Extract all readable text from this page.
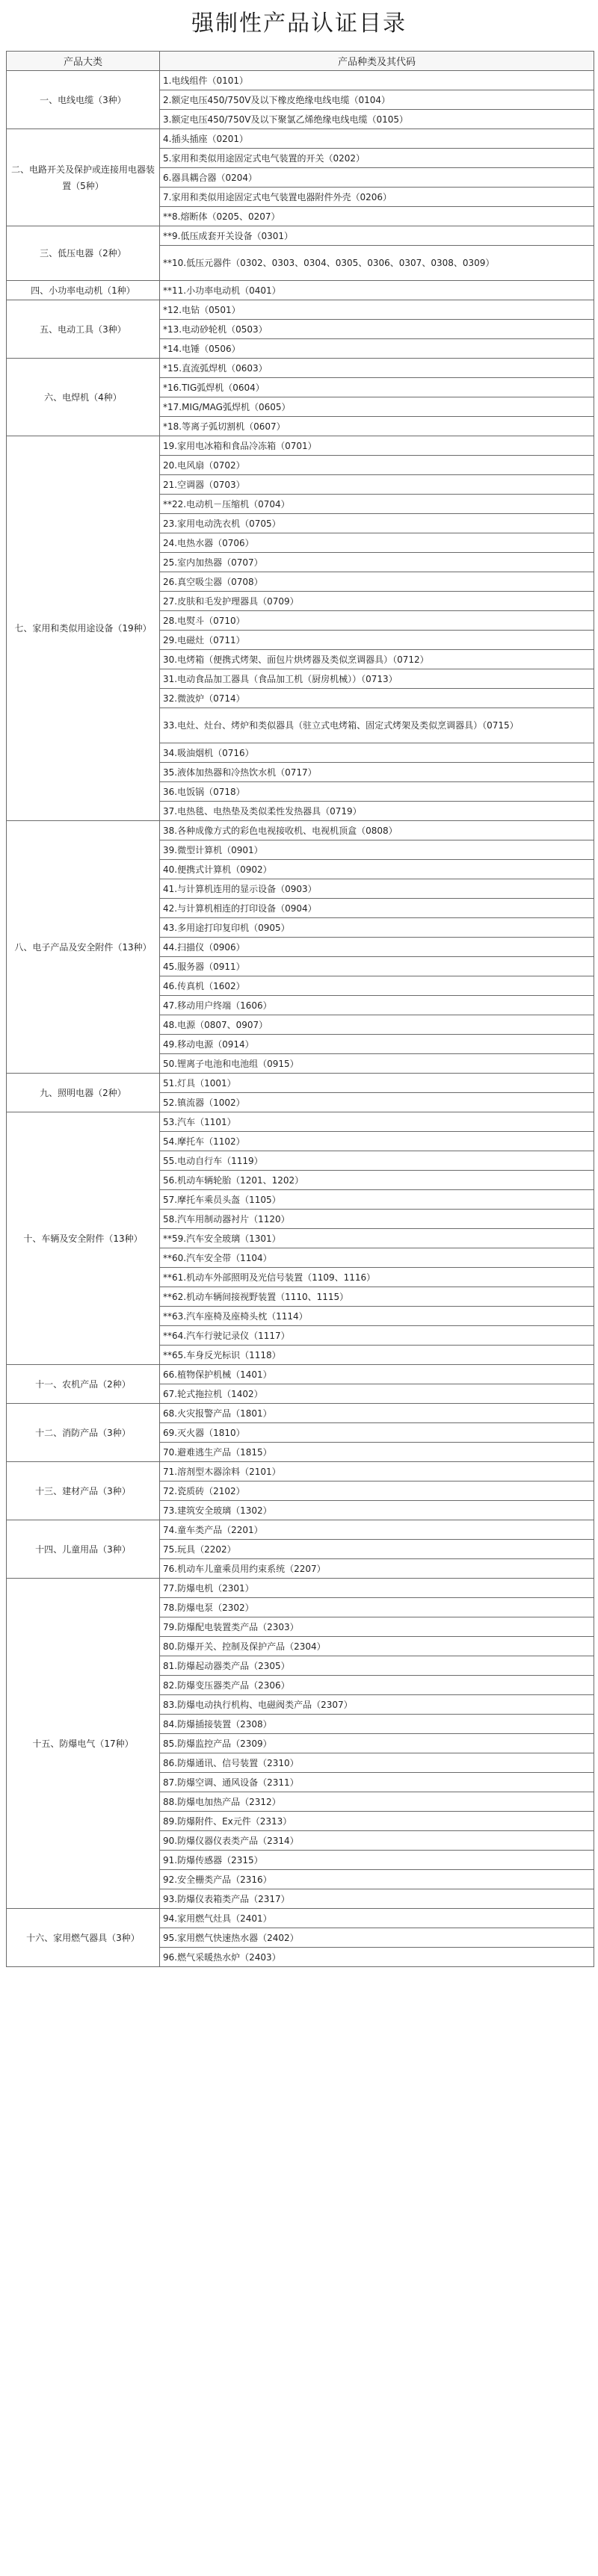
强制性产品认证目录
产品大类	产品种类及其代码
一、电线电缆（3种）	1.电线组件（0101）
	2.额定电压450/750V及以下橡皮绝缘电线电缆（0104）
	3.额定电压450/750V及以下聚氯乙烯绝缘电线电缆（0105）
二、电路开关及保护或连接用电器装置（5种）	4.插头插座（0201）
	5.家用和类似用途固定式电气装置的开关（0202）
	6.器具耦合器（0204）
	7.家用和类似用途固定式电气装置电器附件外壳（0206）
	**8.熔断体（0205、0207）
三、低压电器（2种）	**9.低压成套开关设备（0301）
	**10.低压元器件（0302、0303、0304、0305、0306、0307、0308、0309）
四、小功率电动机（1种）	**11.小功率电动机（0401）
五、电动工具（3种）	*12.电钻（0501）
	*13.电动砂轮机（0503）
	*14.电锤（0506）
六、电焊机（4种）	*15.直流弧焊机（0603）
	*16.TIG弧焊机（0604）
	*17.MIG/MAG弧焊机（0605）
	*18.等离子弧切割机（0607）
七、家用和类似用途设备（19种）	19.家用电冰箱和食品冷冻箱（0701）
	20.电风扇（0702）
	21.空调器（0703）
	**22.电动机－压缩机（0704）
	23.家用电动洗衣机（0705）
	24.电热水器（0706）
	25.室内加热器（0707）
	26.真空吸尘器（0708）
	27.皮肤和毛发护理器具（0709）
	28.电熨斗（0710）
	29.电磁灶（0711）
	30.电烤箱（便携式烤架、面包片烘烤器及类似烹调器具）（0712）
	31.电动食品加工器具（食品加工机（厨房机械））（0713）
	32.微波炉（0714）
	33.电灶、灶台、烤炉和类似器具（驻立式电烤箱、固定式烤架及类似烹调器具）（0715）
	34.吸油烟机（0716）
	35.液体加热器和冷热饮水机（0717）
	36.电饭锅（0718）
	37.电热毯、电热垫及类似柔性发热器具（0719）
八、电子产品及安全附件（13种）	38.各种成像方式的彩色电视接收机、电视机顶盒（0808）
	39.微型计算机（0901）
	40.便携式计算机（0902）
	41.与计算机连用的显示设备（0903）
	42.与计算机相连的打印设备（0904）
	43.多用途打印复印机（0905）
	44.扫描仪（0906）
	45.服务器（0911）
	46.传真机（1602）
	47.移动用户终端（1606）
	48.电源（0807、0907）
	49.移动电源（0914）
	50.锂离子电池和电池组（0915）
九、照明电器（2种）	51.灯具（1001）
	52.镇流器（1002）
十、车辆及安全附件（13种）	53.汽车（1101）
	54.摩托车（1102）
	55.电动自行车（1119）
	56.机动车辆轮胎（1201、1202）
	57.摩托车乘员头盔（1105）
	58.汽车用制动器衬片（1120）
	**59.汽车安全玻璃（1301）
	**60.汽车安全带（1104）
	**61.机动车外部照明及光信号装置（1109、1116）
	**62.机动车辆间接视野装置（1110、1115）
	**63.汽车座椅及座椅头枕（1114）
	**64.汽车行驶记录仪（1117）
	**65.车身反光标识（1118）
十一、农机产品（2种）	66.植物保护机械（1401）
	67.轮式拖拉机（1402）
十二、消防产品（3种）	68.火灾报警产品（1801）
	69.灭火器（1810）
	70.避难逃生产品（1815）
十三、建材产品（3种）	71.溶剂型木器涂料（2101）
	72.瓷质砖（2102）
	73.建筑安全玻璃（1302）
十四、儿童用品（3种）	74.童车类产品（2201）
	75.玩具（2202）
	76.机动车儿童乘员用约束系统（2207）
十五、防爆电气（17种）	77.防爆电机（2301）
	78.防爆电泵（2302）
	79.防爆配电装置类产品（2303）
	80.防爆开关、控制及保护产品（2304）
	81.防爆起动器类产品（2305）
	82.防爆变压器类产品（2306）
	83.防爆电动执行机构、电磁阀类产品（2307）
	84.防爆插接装置（2308）
	85.防爆监控产品（2309）
	86.防爆通讯、信号装置（2310）
	87.防爆空调、通风设备（2311）
	88.防爆电加热产品（2312）
	89.防爆附件、Ex元件（2313）
	90.防爆仪器仪表类产品（2314）
	91.防爆传感器（2315）
	92.安全栅类产品（2316）
	93.防爆仪表箱类产品（2317）
十六、家用燃气器具（3种）	94.家用燃气灶具（2401）
	95.家用燃气快速热水器（2402）
	96.燃气采暖热水炉（2403）
